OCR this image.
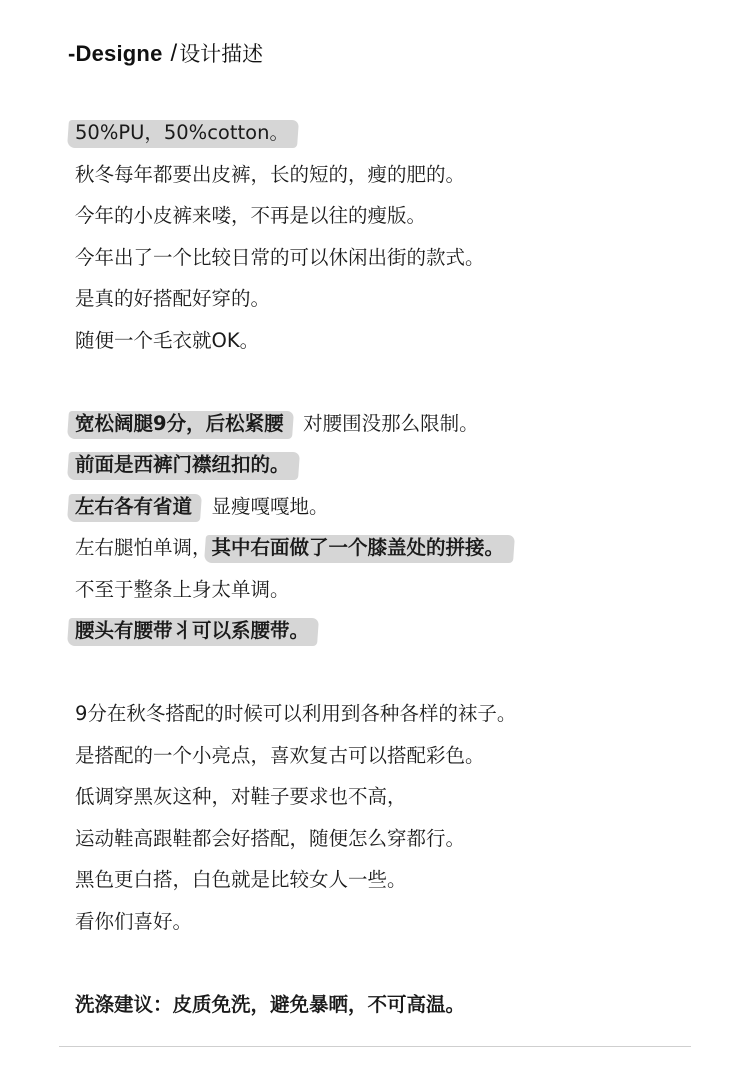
-Designe / 设计描述
50%PU，50%cotton。
秋冬每年都要出皮裤，长的短的，瘦的肥的。
今年的小皮裤来喽，不再是以往的瘦版。
今年出了一个比较日常的可以休闲出街的款式。
是真的好搭配好穿的。
随便一个毛衣就OK。
宽松阔腿9分，后松紧腰，对腰围没那么限制。
前面是西裤门襟纽扣的。
左右各有省道，显瘦嘎嘎地。
左右腿怕单调，其中右面做了一个膝盖处的拼接。
不至于整条上身太单调。
腰头有腰带丬可以系腰带。
9分在秋冬搭配的时候可以利用到各种各样的袜子。
是搭配的一个小亮点，喜欢复古可以搭配彩色。
低调穿黑灰这种，对鞋子要求也不高，
运动鞋高跟鞋都会好搭配，随便怎么穿都行。
黑色更白搭，白色就是比较女人一些。
看你们喜好。
洗涤建议：皮质免洗，避免暴晒，不可高温。
